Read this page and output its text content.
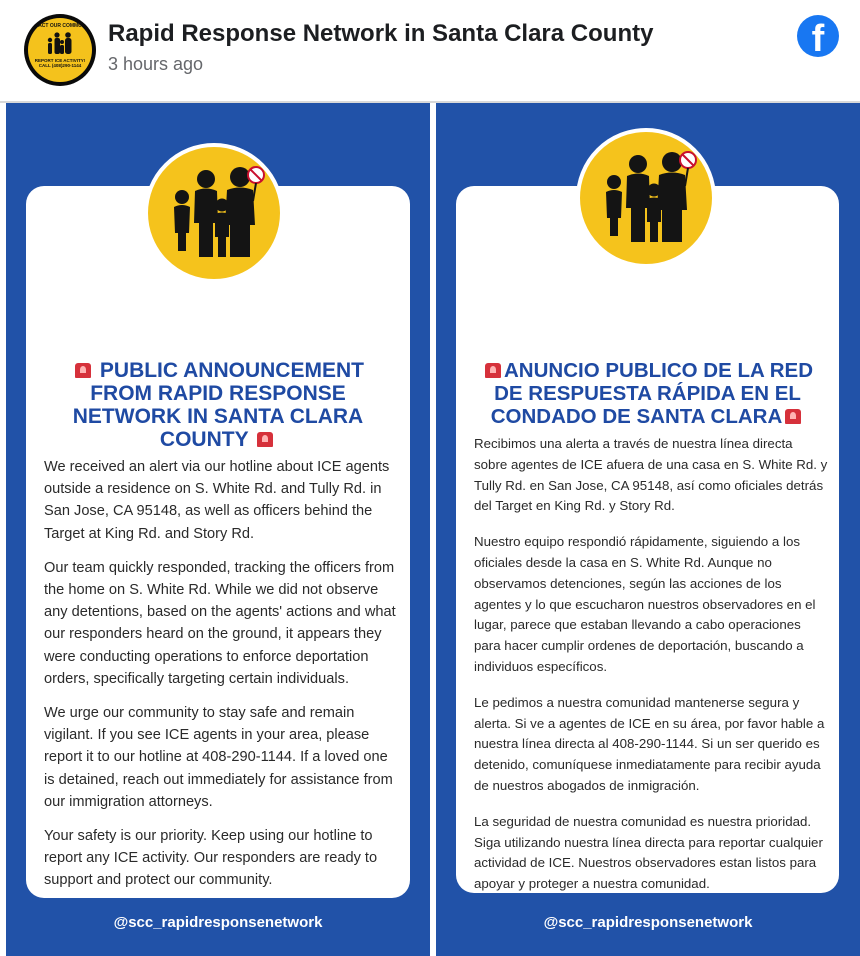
ACT OUR COMMU
REPORT ICE ACTIVITY!
CALL (408)290-1144
Rapid Response Network in Santa Clara County
3 hours ago
f
PUBLIC ANNOUNCEMENT FROM RAPID RESPONSE NETWORK IN SANTA CLARA COUNTY

We received an alert via our hotline about ICE agents outside a residence on S. White Rd. and Tully Rd. in San Jose, CA 95148, as well as officers behind the Target at King Rd. and Story Rd.

Our team quickly responded, tracking the officers from the home on S. White Rd. While we did not observe any detentions, based on the agents' actions and what our responders heard on the ground, it appears they were conducting operations to enforce deportation orders, specifically targeting certain individuals.

We urge our community to stay safe and remain vigilant. If you see ICE agents in your area, please report it to our hotline at 408-290-1144. If a loved one is detained, reach out immediately for assistance from our immigration attorneys.

Your safety is our priority. Keep using our hotline to report any ICE activity. Our responders are ready to support and protect our community.

@scc_rapidresponsenetwork
ANUNCIO PUBLICO DE LA RED DE RESPUESTA RÁPIDA EN EL CONDADO DE SANTA CLARA

Recibimos una alerta a través de nuestra línea directa sobre agentes de ICE afuera de una casa en S. White Rd. y Tully Rd. en San Jose, CA 95148, así como oficiales detrás del Target en King Rd. y Story Rd.

Nuestro equipo respondió rápidamente, siguiendo a los oficiales desde la casa en S. White Rd. Aunque no observamos detenciones, según las acciones de los agentes y lo que escucharon nuestros observadores en el lugar, parece que estaban llevando a cabo operaciones para hacer cumplir ordenes de deportación, buscando a individuos específicos.

Le pedimos a nuestra comunidad mantenerse segura y alerta. Si ve a agentes de ICE en su área, por favor hable a nuestra línea directa al 408-290-1144. Si un ser querido es detenido, comuníquese inmediatamente para recibir ayuda de nuestros abogados de inmigración.

La seguridad de nuestra comunidad es nuestra prioridad. Siga utilizando nuestra línea directa para reportar cualquier actividad de ICE. Nuestros observadores estan listos para apoyar y proteger a nuestra comunidad.

@scc_rapidresponsenetwork
